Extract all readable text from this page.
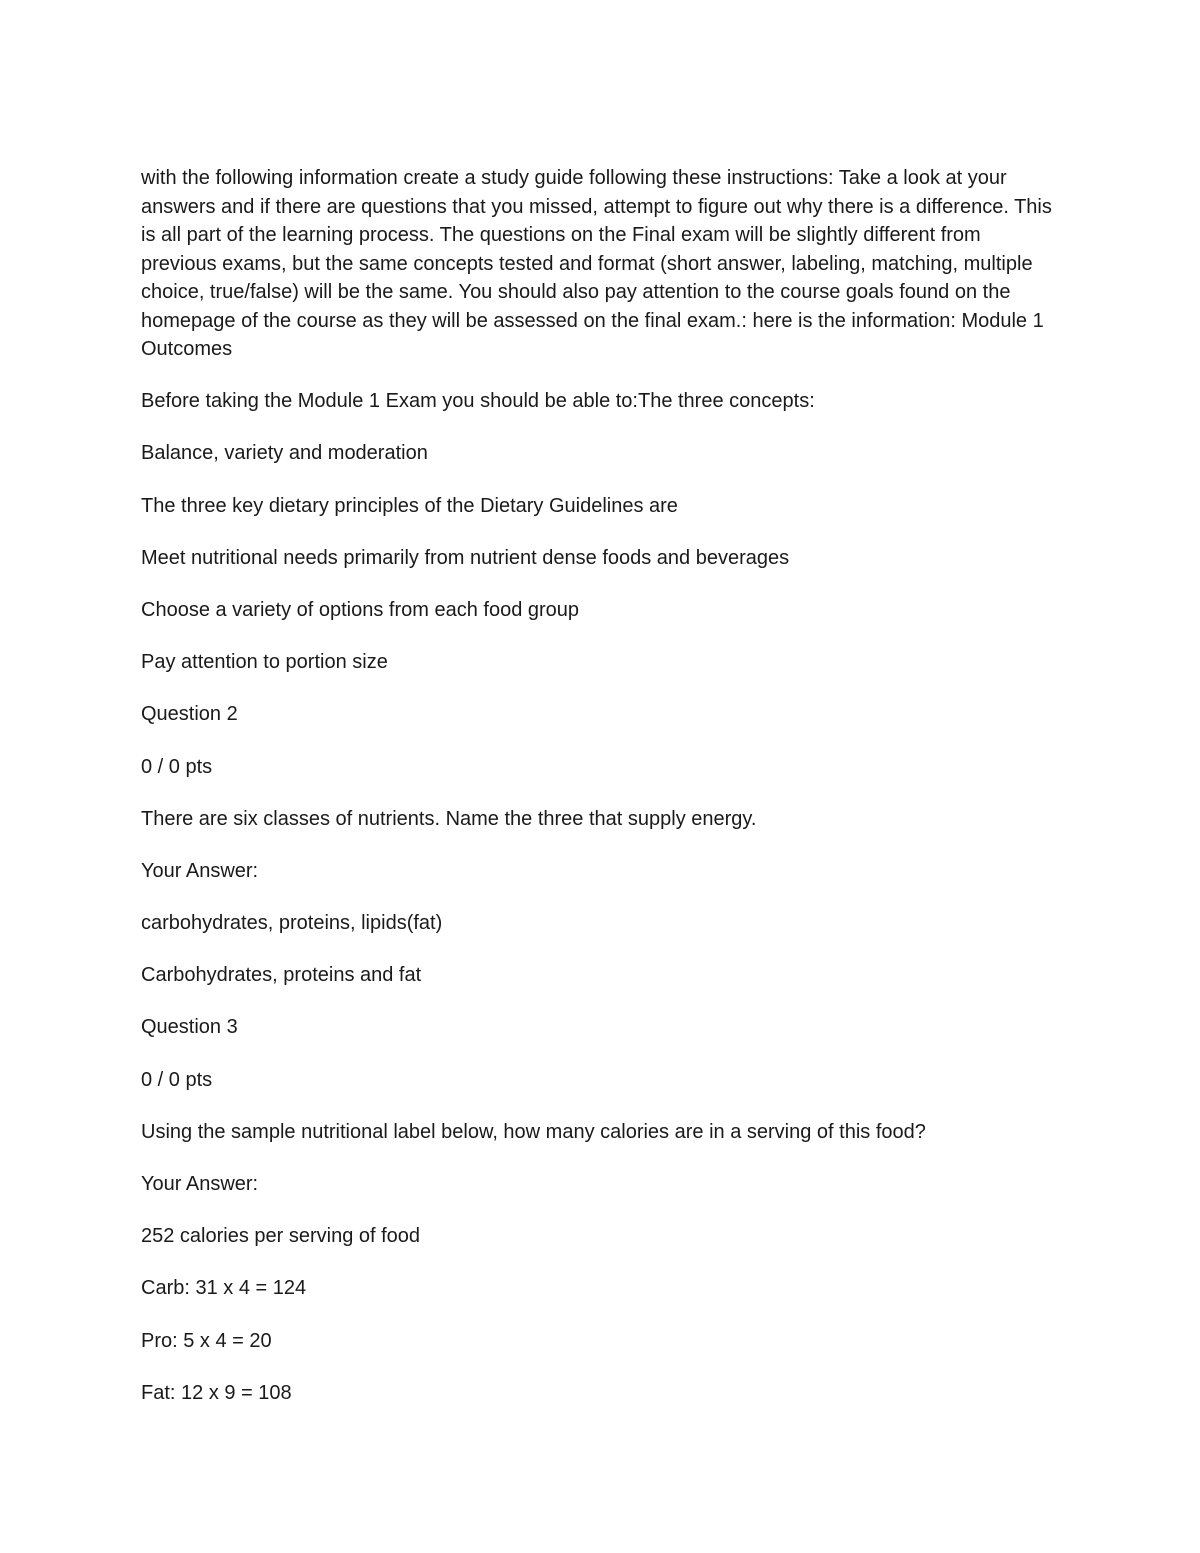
with the following information create a study guide following these instructions: Take a look at your answers and if there are questions that you missed, attempt to figure out why there is a difference. This is all part of the learning process. The questions on the Final exam will be slightly different from previous exams, but the same concepts tested and format (short answer, labeling, matching, multiple choice, true/false) will be the same. You should also pay attention to the course goals found on the homepage of the course as they will be assessed on the final exam.: here is the information: Module 1 Outcomes

Before taking the Module 1 Exam you should be able to:The three concepts:

Balance, variety and moderation

The three key dietary principles of the Dietary Guidelines are

Meet nutritional needs primarily from nutrient dense foods and beverages

Choose a variety of options from each food group

Pay attention to portion size

Question 2

0 / 0 pts

There are six classes of nutrients. Name the three that supply energy.

Your Answer:

carbohydrates, proteins, lipids(fat)

Carbohydrates, proteins and fat

Question 3

0 / 0 pts

Using the sample nutritional label below, how many calories are in a serving of this food?

Your Answer:

252 calories per serving of food

Carb: 31 x 4 = 124

Pro: 5 x 4 = 20

Fat: 12 x 9 = 108
